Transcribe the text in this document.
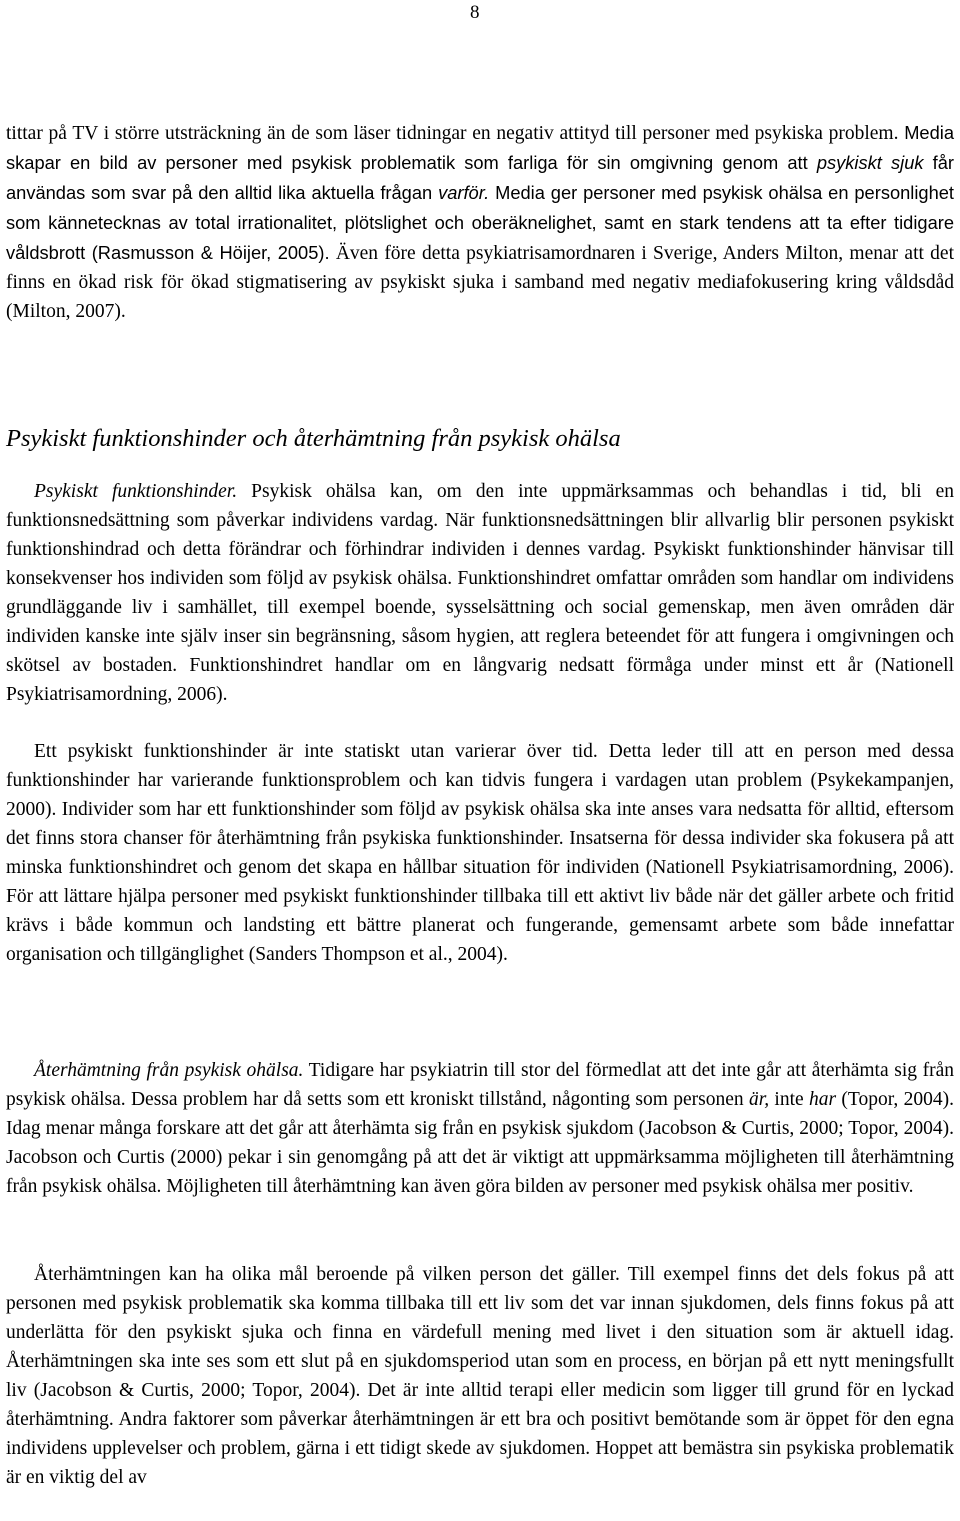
8
tittar på TV i större utsträckning än de som läser tidningar en negativ attityd till personer med psykiska problem. Media skapar en bild av personer med psykisk problematik som farliga för sin omgivning genom att psykiskt sjuk får användas som svar på den alltid lika aktuella frågan varför. Media ger personer med psykisk ohälsa en personlighet som kännetecknas av total irrationalitet, plötslighet och oberäknelighet, samt en stark tendens att ta efter tidigare våldsbrott (Rasmusson & Höijer, 2005). Även före detta psykiatrisamordnaren i Sverige, Anders Milton, menar att det finns en ökad risk för ökad stigmatisering av psykiskt sjuka i samband med negativ mediafokusering kring våldsdåd (Milton, 2007).
Psykiskt funktionshinder och återhämtning från psykisk ohälsa
Psykiskt funktionshinder. Psykisk ohälsa kan, om den inte uppmärksammas och behandlas i tid, bli en funktionsnedsättning som påverkar individens vardag. När funktionsnedsättningen blir allvarlig blir personen psykiskt funktionshindrad och detta förändrar och förhindrar individen i dennes vardag. Psykiskt funktionshinder hänvisar till konsekvenser hos individen som följd av psykisk ohälsa. Funktionshindret omfattar områden som handlar om individens grundläggande liv i samhället, till exempel boende, sysselsättning och social gemenskap, men även områden där individen kanske inte själv inser sin begränsning, såsom hygien, att reglera beteendet för att fungera i omgivningen och skötsel av bostaden. Funktionshindret handlar om en långvarig nedsatt förmåga under minst ett år (Nationell Psykiatrisamordning, 2006).
Ett psykiskt funktionshinder är inte statiskt utan varierar över tid. Detta leder till att en person med dessa funktionshinder har varierande funktionsproblem och kan tidvis fungera i vardagen utan problem (Psykekampanjen, 2000). Individer som har ett funktionshinder som följd av psykisk ohälsa ska inte anses vara nedsatta för alltid, eftersom det finns stora chanser för återhämtning från psykiska funktionshinder. Insatserna för dessa individer ska fokusera på att minska funktionshindret och genom det skapa en hållbar situation för individen (Nationell Psykiatrisamordning, 2006). För att lättare hjälpa personer med psykiskt funktionshinder tillbaka till ett aktivt liv både när det gäller arbete och fritid krävs i både kommun och landsting ett bättre planerat och fungerande, gemensamt arbete som både innefattar organisation och tillgänglighet (Sanders Thompson et al., 2004).
Återhämtning från psykisk ohälsa. Tidigare har psykiatrin till stor del förmedlat att det inte går att återhämta sig från psykisk ohälsa. Dessa problem har då setts som ett kroniskt tillstånd, någonting som personen är, inte har (Topor, 2004). Idag menar många forskare att det går att återhämta sig från en psykisk sjukdom (Jacobson & Curtis, 2000; Topor, 2004). Jacobson och Curtis (2000) pekar i sin genomgång på att det är viktigt att uppmärksamma möjligheten till återhämtning från psykisk ohälsa. Möjligheten till återhämtning kan även göra bilden av personer med psykisk ohälsa mer positiv.
Återhämtningen kan ha olika mål beroende på vilken person det gäller. Till exempel finns det dels fokus på att personen med psykisk problematik ska komma tillbaka till ett liv som det var innan sjukdomen, dels finns fokus på att underlätta för den psykiskt sjuka och finna en värdefull mening med livet i den situation som är aktuell idag. Återhämtningen ska inte ses som ett slut på en sjukdomsperiod utan som en process, en början på ett nytt meningsfullt liv (Jacobson & Curtis, 2000; Topor, 2004). Det är inte alltid terapi eller medicin som ligger till grund för en lyckad återhämtning. Andra faktorer som påverkar återhämtningen är ett bra och positivt bemötande som är öppet för den egna individens upplevelser och problem, gärna i ett tidigt skede av sjukdomen. Hoppet att bemästra sin psykiska problematik är en viktig del av
